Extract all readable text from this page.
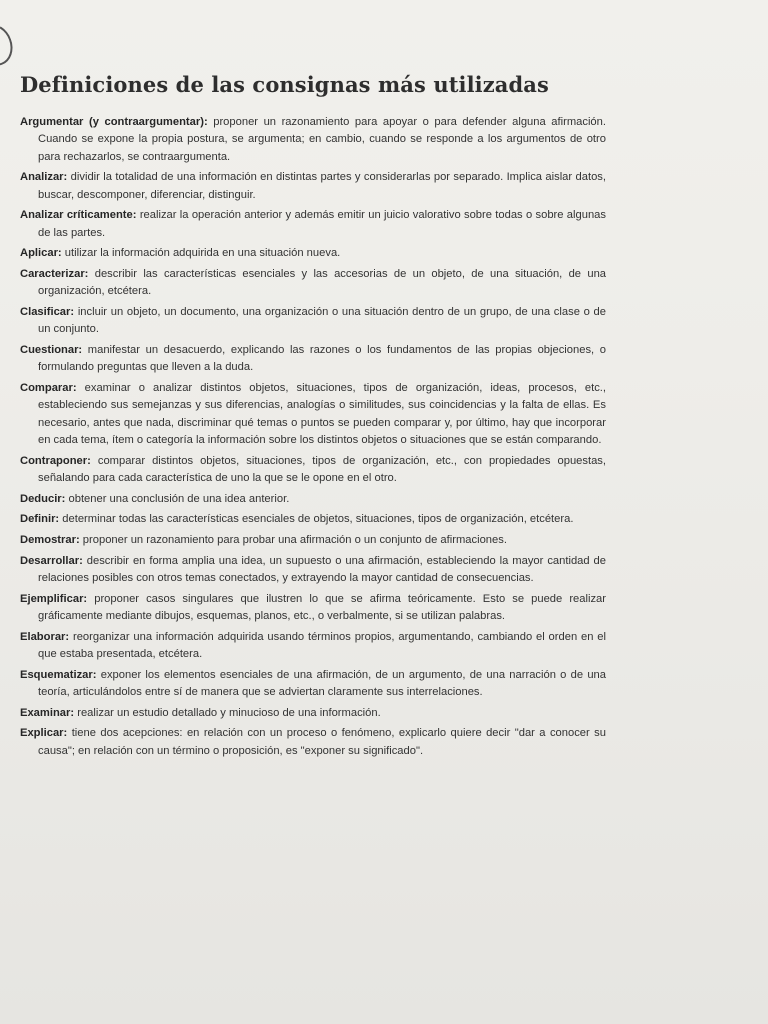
Definiciones de las consignas más utilizadas
Argumentar (y contraargumentar): proponer un razonamiento para apoyar o para defender alguna afirmación. Cuando se expone la propia postura, se argumenta; en cambio, cuando se responde a los argumentos de otro para rechazarlos, se contraargumenta.
Analizar: dividir la totalidad de una información en distintas partes y considerarlas por separado. Implica aislar datos, buscar, descomponer, diferenciar, distinguir.
Analizar críticamente: realizar la operación anterior y además emitir un juicio valorativo sobre todas o sobre algunas de las partes.
Aplicar: utilizar la información adquirida en una situación nueva.
Caracterizar: describir las características esenciales y las accesorias de un objeto, de una situación, de una organización, etcétera.
Clasificar: incluir un objeto, un documento, una organización o una situación dentro de un grupo, de una clase o de un conjunto.
Cuestionar: manifestar un desacuerdo, explicando las razones o los fundamentos de las propias objeciones, o formulando preguntas que lleven a la duda.
Comparar: examinar o analizar distintos objetos, situaciones, tipos de organización, ideas, procesos, etc., estableciendo sus semejanzas y sus diferencias, analogías o similitudes, sus coincidencias y la falta de ellas. Es necesario, antes que nada, discriminar qué temas o puntos se pueden comparar y, por último, hay que incorporar en cada tema, ítem o categoría la información sobre los distintos objetos o situaciones que se están comparando.
Contraponer: comparar distintos objetos, situaciones, tipos de organización, etc., con propiedades opuestas, señalando para cada característica de uno la que se le opone en el otro.
Deducir: obtener una conclusión de una idea anterior.
Definir: determinar todas las características esenciales de objetos, situaciones, tipos de organización, etcétera.
Demostrar: proponer un razonamiento para probar una afirmación o un conjunto de afirmaciones.
Desarrollar: describir en forma amplia una idea, un supuesto o una afirmación, estableciendo la mayor cantidad de relaciones posibles con otros temas conectados, y extrayendo la mayor cantidad de consecuencias.
Ejemplificar: proponer casos singulares que ilustren lo que se afirma teóricamente. Esto se puede realizar gráficamente mediante dibujos, esquemas, planos, etc., o verbalmente, si se utilizan palabras.
Elaborar: reorganizar una información adquirida usando términos propios, argumentando, cambiando el orden en el que estaba presentada, etcétera.
Esquematizar: exponer los elementos esenciales de una afirmación, de un argumento, de una narración o de una teoría, articulándolos entre sí de manera que se adviertan claramente sus interrelaciones.
Examinar: realizar un estudio detallado y minucioso de una información.
Explicar: tiene dos acepciones: en relación con un proceso o fenómeno, explicarlo quiere decir "dar a conocer su causa"; en relación con un término o proposición, es "exponer su significado".
